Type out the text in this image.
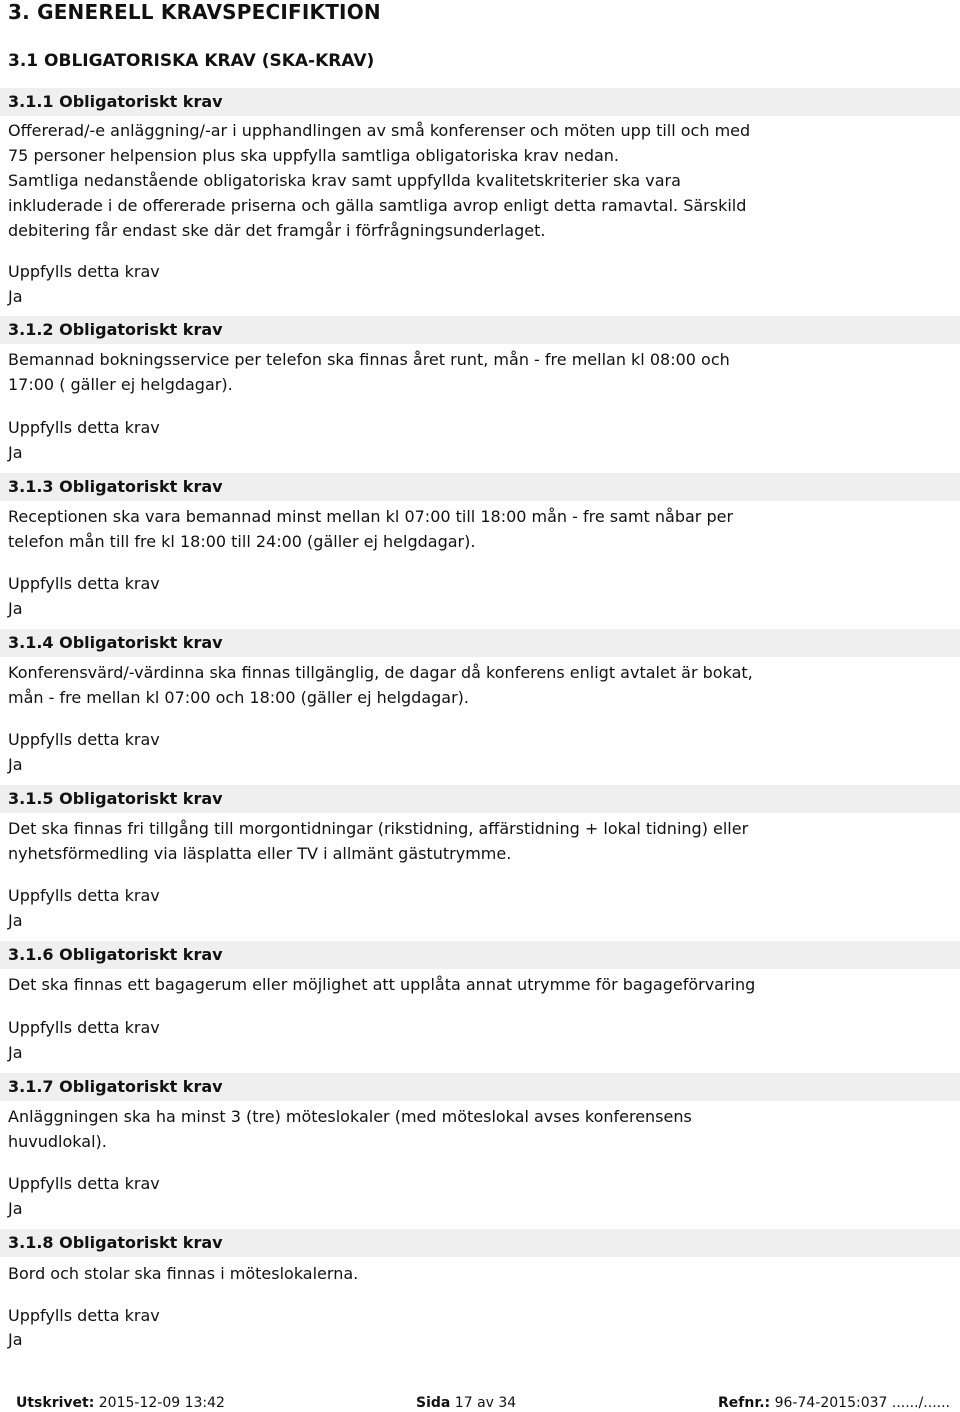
3. GENERELL KRAVSPECIFIKTION
3.1 OBLIGATORISKA KRAV (SKA-KRAV)
3.1.1 Obligatoriskt krav
Offererad/-e anläggning/-ar i upphandlingen av små konferenser och möten upp till och med
75 personer helpension plus ska uppfylla samtliga obligatoriska krav nedan.
Samtliga nedanstående obligatoriska krav samt uppfyllda kvalitetskriterier ska vara
inkluderade i de offererade priserna och gälla samtliga avrop enligt detta ramavtal. Särskild
debitering får endast ske där det framgår i förfrågningsunderlaget.
Uppfylls detta krav
Ja
3.1.2 Obligatoriskt krav
Bemannad bokningsservice per telefon ska finnas året runt, mån - fre mellan kl 08:00 och
17:00 ( gäller ej helgdagar).
Uppfylls detta krav
Ja
3.1.3 Obligatoriskt krav
Receptionen ska vara bemannad minst mellan kl 07:00 till 18:00 mån - fre samt nåbar per
telefon mån till fre kl 18:00 till 24:00 (gäller ej helgdagar).
Uppfylls detta krav
Ja
3.1.4 Obligatoriskt krav
Konferensvärd/-värdinna ska finnas tillgänglig, de dagar då konferens enligt avtalet är bokat,
mån - fre mellan kl 07:00 och 18:00 (gäller ej helgdagar).
Uppfylls detta krav
Ja
3.1.5 Obligatoriskt krav
Det ska finnas fri tillgång till morgontidningar (rikstidning, affärstidning + lokal tidning) eller
nyhetsförmedling via läsplatta eller TV i allmänt gästutrymme.
Uppfylls detta krav
Ja
3.1.6 Obligatoriskt krav
Det ska finnas ett bagagerum eller möjlighet att upplåta annat utrymme för bagageförvaring
Uppfylls detta krav
Ja
3.1.7 Obligatoriskt krav
Anläggningen ska ha minst 3 (tre) möteslokaler (med möteslokal avses konferensens
huvudlokal).
Uppfylls detta krav
Ja
3.1.8 Obligatoriskt krav
Bord och stolar ska finnas i möteslokalerna.
Uppfylls detta krav
Ja
Utskrivet: 2015-12-09 13:42	Sida 17 av 34	Refnr.: 96-74-2015:037 ....../......
